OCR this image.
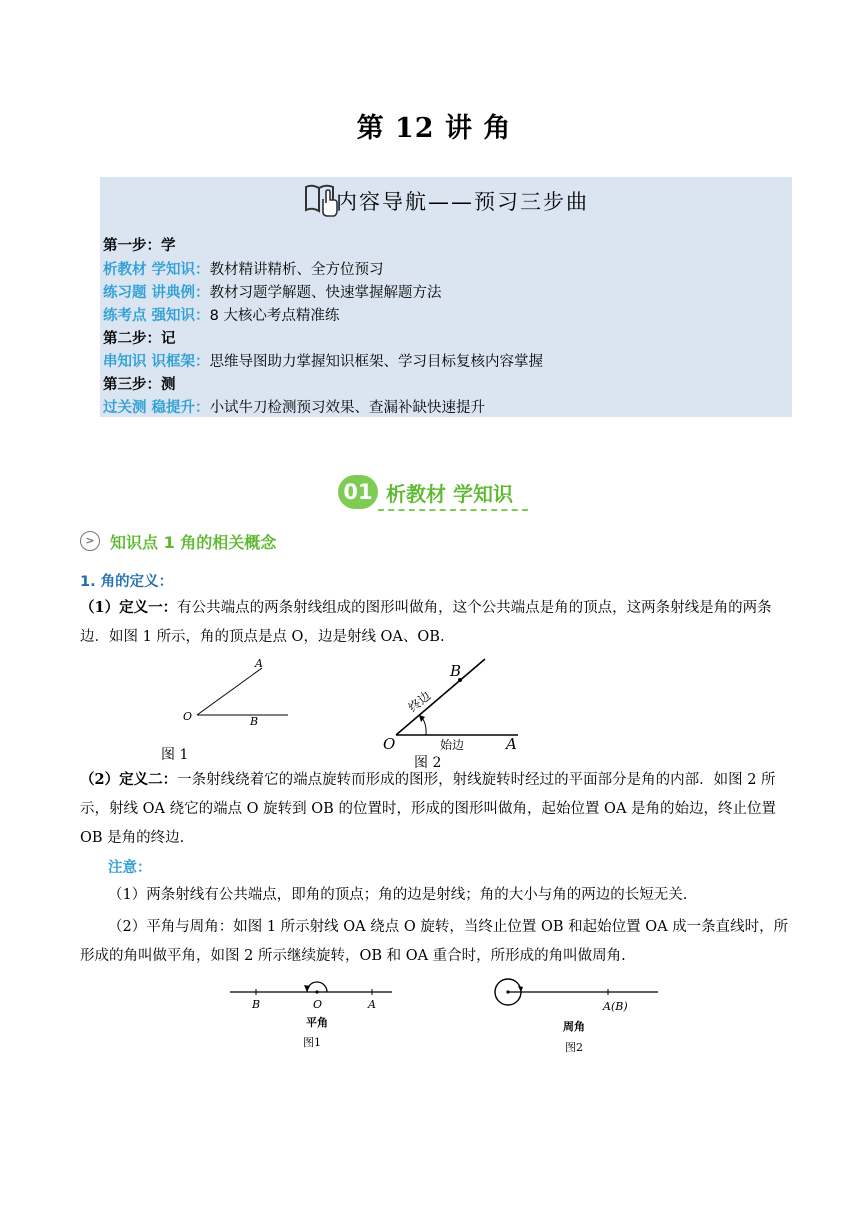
第 12 讲 角
内容导航——预习三步曲
第一步：学
析教材 学知识：教材精讲精析、全方位预习
练习题 讲典例：教材习题学解题、快速掌握解题方法
练考点 强知识：8 大核心考点精准练
第二步：记
串知识 识框架：思维导图助力掌握知识框架、学习目标复核内容掌握
第三步：测
过关测 稳提升：小试牛刀检测预习效果、查漏补缺快速提升
01 析教材 学知识
> 知识点 1 角的相关概念
1. 角的定义：
（1）定义一：有公共端点的两条射线组成的图形叫做角，这个公共端点是角的顶点，这两条射线是角的两条边．如图 1 所示，角的顶点是点 O，边是射线 OA、OB.
O
A
B
图 1
O	A
B
终边
始边
图 2
（2）定义二：一条射线绕着它的端点旋转而形成的图形，射线旋转时经过的平面部分是角的内部．如图 2 所示，射线 OA 绕它的端点 O 旋转到 OB 的位置时，形成的图形叫做角，起始位置 OA 是角的始边，终止位置 OB 是角的终边.
注意：
（1）两条射线有公共端点，即角的顶点；角的边是射线；角的大小与角的两边的长短无关.
（2）平角与周角：如图 1 所示射线 OA 绕点 O 旋转，当终止位置 OB 和起始位置 OA 成一条直线时，所形成的角叫做平角，如图 2 所示继续旋转，OB 和 OA 重合时，所形成的角叫做周角.
B	O	A
平角
图1
A(B)
周角
图2
